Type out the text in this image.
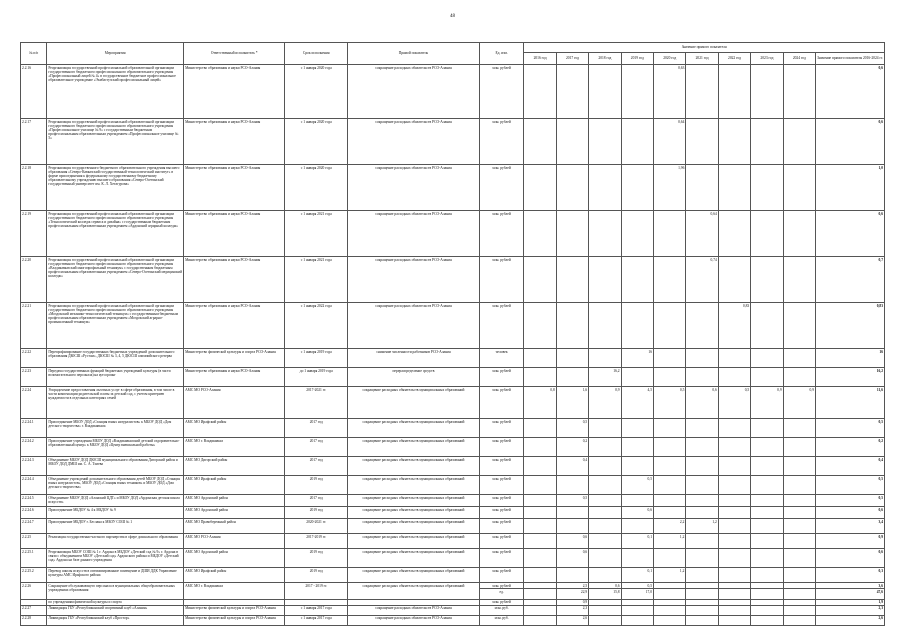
48
№ п/п	Мероприятия	Ответственный исполнитель *	Срок исполнения	Прямой показатель	Ед. изм.	Значение прямого показателя									
						2016 год	2017 год	2018 год	2019 год	2020 год	2021 год	2022 год	2023 год	2024 год	Значение прямого показателя 2016-2024 гг.
2.2.16	Реорганизация государственной профессиональной образовательной организации государственного бюджетного профессионального образовательного учреждения «Профессиональный лицей № 4» в государственное бюджетное профессиональное образовательное учреждение «Экибастузский профессиональный лицей»	Министерство образования и науки РСО-Алания	с 1 января 2020 года	сокращение расходных обязательств РСО-Алания	млн. рублей					0,63					0,6
2.2.17	Реорганизация государственной профессиональной образовательной организации государственного бюджетного профессионального образовательного учреждения «Профессиональное училище № 9» с государственным бюджетным профессиональным образовательным учреждением «Профессиональное училище № 5»	Министерство образования и науки РСО-Алания	с 1 января 2020 года	сокращение расходных обязательств РСО-Алания	млн. рублей					0,64					0,6
2.2.18	Реорганизация государственного бюджетного образовательного учреждения высшего образования «Северо-Кавказский государственный технологический институт» в форме присоединения к федеральному государственному бюджетному образовательному учреждению высшего образования «Северо-Осетинский государственный университет им. К. Л. Хетагурова»	Министерство образования и науки РСО-Алания	с 1 января 2020 года	сокращение расходных обязательств РСО-Алания	млн. рублей					1,96					1,0
2.2.19	Реорганизация государственной профессиональной образовательной организации государственного бюджетного профессионального образовательного учреждения «Технологический колледж сервиса и дизайна» с государственным бюджетным профессиональным образовательным учреждением «Ардонский аграрный колледж»	Министерство образования и науки РСО-Алания	с 1 января 2021 года	сокращение расходных обязательств РСО-Алания	млн. рублей						0,64				0,6
2.2.20	Реорганизация государственной профессиональной образовательной организации государственного бюджетного профессионального образовательного учреждения «Владикавказский многопрофильный техникум» с государственным бюджетным профессиональным образовательным учреждением «Северо-Осетинский медицинский колледж»	Министерство образования и науки РСО-Алания	с 1 января 2021 года	сокращение расходных обязательств РСО-Алания	млн. рублей						0,74				0,7
2.2.21	Реорганизация государственной профессиональной образовательной организации государственного бюджетного профессионального образовательного учреждения «Моздокский механико-технологический техникум» с государственным бюджетным профессиональным образовательным учреждением «Моздокский аграрно-промышленный техникум»	Министерство образования и науки РСО-Алания	с 1 января 2022 года	сокращение расходных обязательств РСО-Алания	млн. рублей							0,83			0,83
2.2.22	Перепрофилирование государственных бюджетных учреждений дополнительного образования ДЮСШ «Рустам», ДЮСШ № 3, 4, 5 ДЮСШ олимпийского резерва	Министерство физической культуры и спорта РСО-Алания	с 1 января 2019 года	снижение численности работников РСО-Алания	человек				16						16
2.2.23	Передача государственных функций бюджетных учреждений культуры (в части вспомогательного персонала) на аутсорсинг	Министерство образования и науки РСО-Алания	до 1 января 2019 года	перераспределение средств	млн. рублей			16,2							16,2
2.2.24	Упорядочение предоставления льготных услуг в сфере образования, в том числе в части компенсации родительской платы за детский сад, с учетом критериев нуждаемости в отдельных категориях семей	АМС МО РСО-Алания	2017-2021 гг.	сокращение расходных обязательств муниципальных образований	млн. рублей	0,8	1,6	0,9	4,5	0,5	0,6	0,5	0,9	0,9	11,6
2.2.24.1	Присоединение МБОУ ДОД «Станция юных натуралистов» к МБОУ ДОД «Дом детского творчества» г. Владикавказа	АМС МО Ирафский район	2017 год	сокращение расходных обязательств муниципальных образований	млн. рублей		0,5								0,5
2.2.24.2	Присоединение учреждения МБОУ ДОД «Владикавказский детский оздоровительно-образовательный центр» к МБОУ ДОД «Центр внешкольной работы»	АМС МО г. Владикавказ	2017 год	сокращение расходных обязательств муниципальных образований	млн. рублей		0,2								0,2
2.2.24.3	Объединение МБОУ ДОД ДЮСШ муниципального образования Дигорский район и МБОУ ДОД ДМШ им. С. А. Тхиева	АМС МО Дигорский район	2017 год	сокращение расходных обязательств муниципальных образований	млн. рублей		0,4								0,4
2.2.24.4	Объединение учреждений дополнительного образования детей МБОУ ДОД «Станция юных натуралистов», МБОУ ДОД «Станция юных техников» и МБОУ ДОД «Дом детского творчества»	АМС МО Ирафский район	2019 год	сокращение расходных обязательств муниципальных образований	млн. рублей				0,5						0,5
2.2.24.5	Объединение МБОУ ДОД «Аланский ЦДТ» и МБОУ ДОД «Ардонская детская школа искусств»	АМС МО Ардонский район	2017 год	сокращение расходных обязательств муниципальных образований	млн. рублей		0,5								0,5
2.2.24.6	Присоединение МБДОУ № 4 к МБДОУ № 9	АМС МО Ардонский район	2019 год	сокращение расходных обязательств муниципальных образований	млн. рублей				0,6						0,6
2.2.24.7	Присоединение МБДОУ г. Беслана к МБОУ СОШ № 1	АМС МО Правобережный район	2020-2021 гг.	сокращение расходных обязательств муниципальных образований	млн. рублей					2,2	1,2				3,4
2.2.25	Реализация государственно-частного партнерства в сфере дошкольного образования	АМС МО РСО-Алания	2017-2019 гг.	сокращение расходных обязательств муниципальных образований	млн. рублей		0,6		0,1	1,2					0,9
2.2.25.1	Реорганизация МБОУ СОШ № 1 г. Ардона в МБДОУ «Детский сад № 9» г. Ардона в связи с объединением МБОУ «Детский сад» Ардонского района и МБДОУ «Детский сад» Ардона на базе данного учреждения	АМС МО Ардонский район	2019 год	сокращение расходных обязательств муниципальных образований	млн. рублей		0,6								0,6
2.2.25.2	Перевод школы искусств в оптимизированное помещение и ДШИ ДДК Управление культуры АМС Ирафского района	АМС МО Ирафский район	2019 год	сокращение расходных обязательств муниципальных образований	млн. рублей				0,1	1,2					0,3
2.2.26	Сокращение обслуживающего персонала в муниципальных общеобразовательных учреждениях образования	АМС МО г. Владикавказ	2017 - 2019 гг.	сокращение расходных обязательств муниципальных образований	млн. рублей		2,5	0,6	0,5						3,6
					ед.		22,9	15,8	17,0						47,6
	по учреждениям физической культуры и спорта				млн. рублей		0,9								1,9
2.2.27	Ликвидация ГБУ «Республиканский спортивный клуб «Алания»	Министерство физической культуры и спорта РСО-Алания	с 1 января 2017 года	сокращение расходных обязательств РСО-Алания	млн. руб.		2,3								2,3
2.2.28	Ликвидация ГБУ «Республиканский клуб «Простор»	Министерство физической культуры и спорта РСО-Алания	с 1 января 2017 года	сокращение расходных обязательств РСО-Алания	млн. руб.		2,6								2,6
